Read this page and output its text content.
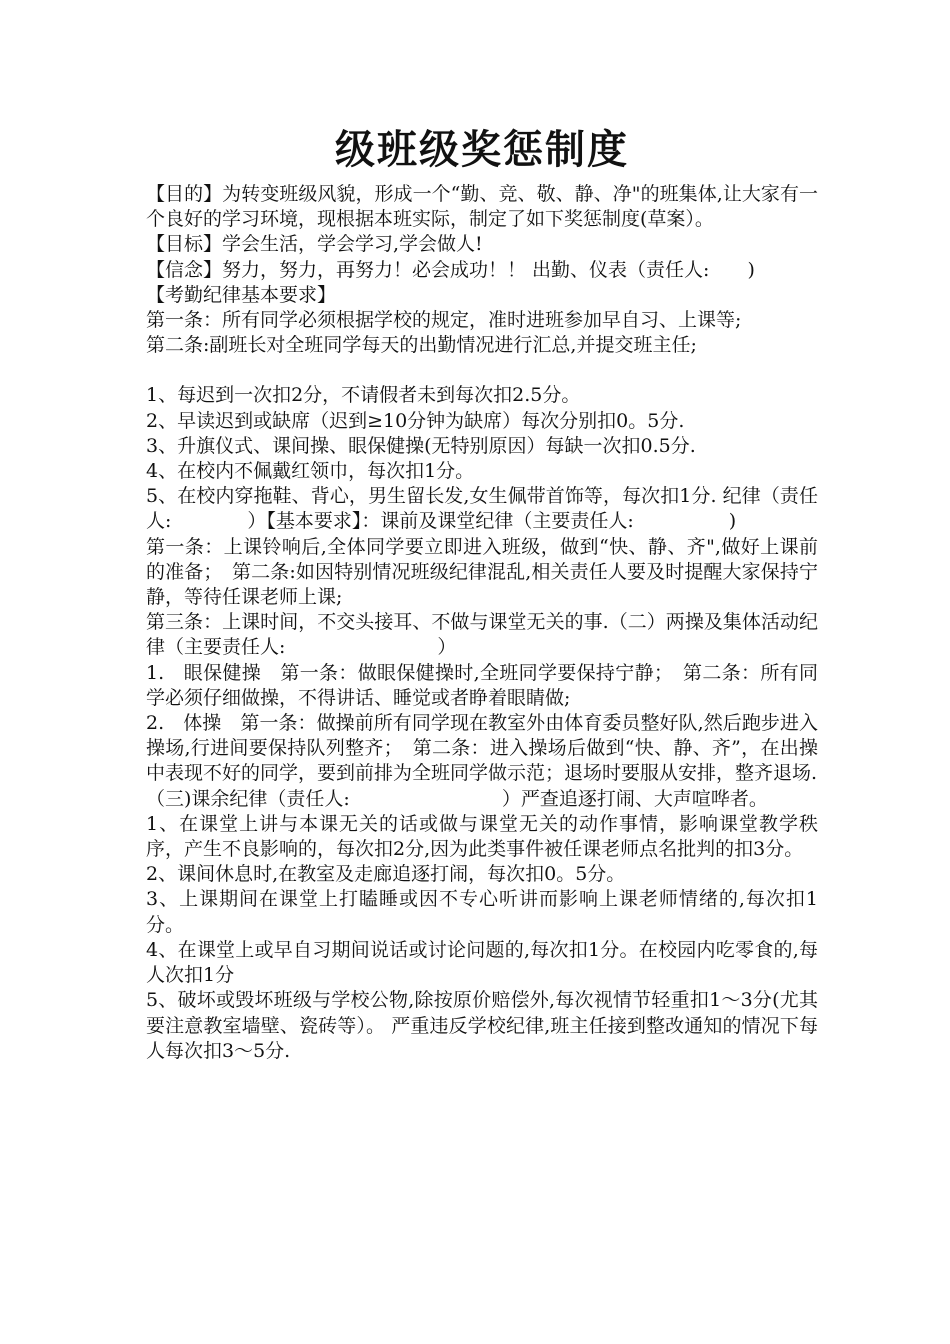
级班级奖惩制度

【目的】为转变班级风貌，形成一个“勤、竞、敬、静、净"的班集体,让大家有一个良好的学习环境，现根据本班实际，制定了如下奖惩制度(草案）。

【目标】学会生活，学会学习,学会做人!

【信念】努力，努力，再努力！必会成功！！ 出勤、仪表（责任人:　　)

【考勤纪律基本要求】

第一条：所有同学必须根据学校的规定，准时进班参加早自习、上课等;

第二条:副班长对全班同学每天的出勤情况进行汇总,并提交班主任;

1、每迟到一次扣2分，不请假者未到每次扣2.5分。

2、早读迟到或缺席（迟到≥10分钟为缺席）每次分别扣0。5分.

3、升旗仪式、课间操、眼保健操(无特别原因）每缺一次扣0.5分.

4、在校内不佩戴红领巾，每次扣1分。

5、在校内穿拖鞋、背心，男生留长发,女生佩带首饰等，每次扣1分. 纪律（责任人:　　　　）【基本要求】：课前及课堂纪律（主要责任人:　　　　　)

第一条：上课铃响后,全体同学要立即进入班级，做到“快、静、齐",做好上课前的准备；　第二条:如因特别情况班级纪律混乱,相关责任人要及时提醒大家保持宁静，等待任课老师上课;

第三条：上课时间，不交头接耳、不做与课堂无关的事.（二）两操及集体活动纪律（主要责任人:　　　　　　　　）

1.　眼保健操　第一条：做眼保健操时,全班同学要保持宁静；　第二条：所有同学必须仔细做操，不得讲话、睡觉或者睁着眼睛做;

2.　体操　第一条：做操前所有同学现在教室外由体育委员整好队,然后跑步进入操场,行进间要保持队列整齐；　第二条：进入操场后做到“快、静、齐”，在出操中表现不好的同学，要到前排为全班同学做示范；退场时要服从安排，整齐退场.

（三)课余纪律（责任人:　　　　　　　　）严查追逐打闹、大声喧哗者。

1、在课堂上讲与本课无关的话或做与课堂无关的动作事情，影响课堂教学秩序，产生不良影响的，每次扣2分,因为此类事件被任课老师点名批判的扣3分。

2、课间休息时,在教室及走廊追逐打闹，每次扣0。5分。

3、上课期间在课堂上打瞌睡或因不专心听讲而影响上课老师情绪的,每次扣1分。

4、在课堂上或早自习期间说话或讨论问题的,每次扣1分。在校园内吃零食的,每人次扣1分

5、破坏或毁坏班级与学校公物,除按原价赔偿外,每次视情节轻重扣1～3分(尤其要注意教室墙壁、瓷砖等）。 严重违反学校纪律,班主任接到整改通知的情况下每人每次扣3～5分.
